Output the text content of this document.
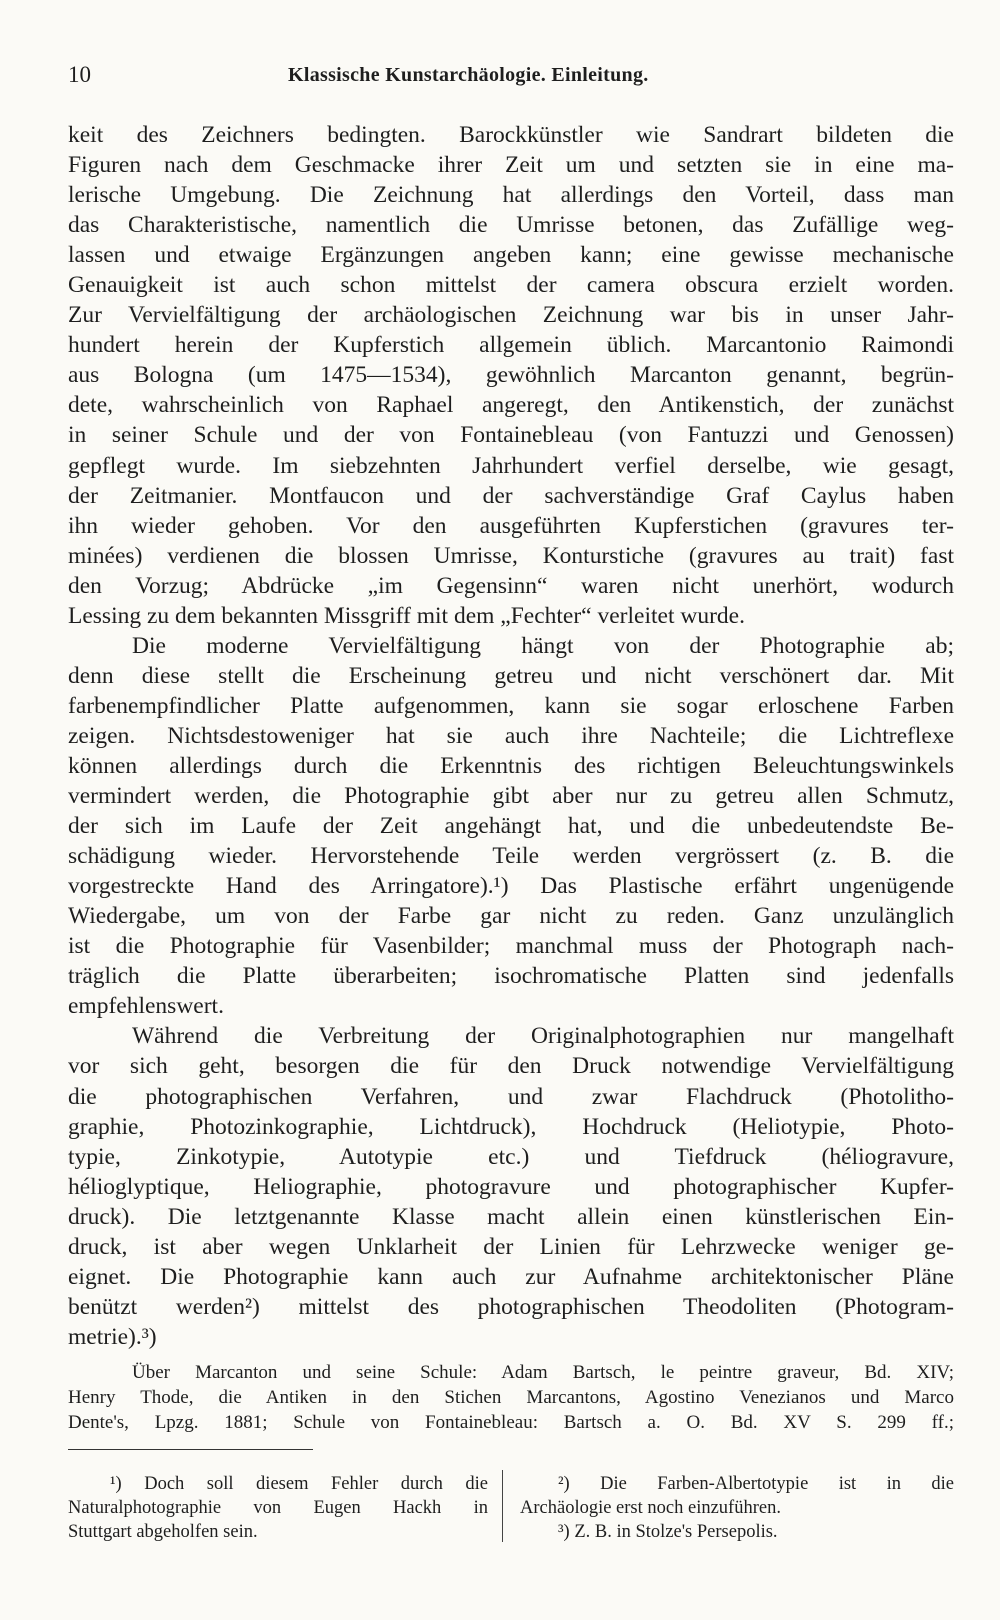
10	Klassische Kunstarchäologie. Einleitung.
keit des Zeichners bedingten. Barockkünstler wie Sandrart bildeten die
Figuren nach dem Geschmacke ihrer Zeit um und setzten sie in eine ma-
lerische Umgebung. Die Zeichnung hat allerdings den Vorteil, dass man
das Charakteristische, namentlich die Umrisse betonen, das Zufällige weg-
lassen und etwaige Ergänzungen angeben kann; eine gewisse mechanische
Genauigkeit ist auch schon mittelst der camera obscura erzielt worden.
Zur Vervielfältigung der archäologischen Zeichnung war bis in unser Jahr-
hundert herein der Kupferstich allgemein üblich. Marcantonio Raimondi
aus Bologna (um 1475—1534), gewöhnlich Marcanton genannt, begrün-
dete, wahrscheinlich von Raphael angeregt, den Antikenstich, der zunächst
in seiner Schule und der von Fontainebleau (von Fantuzzi und Genossen)
gepflegt wurde. Im siebzehnten Jahrhundert verfiel derselbe, wie gesagt,
der Zeitmanier. Montfaucon und der sachverständige Graf Caylus haben
ihn wieder gehoben. Vor den ausgeführten Kupferstichen (gravures ter-
minées) verdienen die blossen Umrisse, Konturstiche (gravures au trait) fast
den Vorzug; Abdrücke „im Gegensinn“ waren nicht unerhört, wodurch
Lessing zu dem bekannten Missgriff mit dem „Fechter“ verleitet wurde.
Die moderne Vervielfältigung hängt von der Photographie ab;
denn diese stellt die Erscheinung getreu und nicht verschönert dar. Mit
farbenempfindlicher Platte aufgenommen, kann sie sogar erloschene Farben
zeigen. Nichtsdestoweniger hat sie auch ihre Nachteile; die Lichtreflexe
können allerdings durch die Erkenntnis des richtigen Beleuchtungswinkels
vermindert werden, die Photographie gibt aber nur zu getreu allen Schmutz,
der sich im Laufe der Zeit angehängt hat, und die unbedeutendste Be-
schädigung wieder. Hervorstehende Teile werden vergrössert (z. B. die
vorgestreckte Hand des Arringatore).¹) Das Plastische erfährt ungenügende
Wiedergabe, um von der Farbe gar nicht zu reden. Ganz unzulänglich
ist die Photographie für Vasenbilder; manchmal muss der Photograph nach-
träglich die Platte überarbeiten; isochromatische Platten sind jedenfalls
empfehlenswert.
Während die Verbreitung der Originalphotographien nur mangelhaft
vor sich geht, besorgen die für den Druck notwendige Vervielfältigung
die photographischen Verfahren, und zwar Flachdruck (Photolitho-
graphie, Photozinkographie, Lichtdruck), Hochdruck (Heliotypie, Photo-
typie, Zinkotypie, Autotypie etc.) und Tiefdruck (héliogravure,
hélioglyptique, Heliographie, photogravure und photographischer Kupfer-
druck). Die letztgenannte Klasse macht allein einen künstlerischen Ein-
druck, ist aber wegen Unklarheit der Linien für Lehrzwecke weniger ge-
eignet. Die Photographie kann auch zur Aufnahme architektonischer Pläne
benützt werden²) mittelst des photographischen Theodoliten (Photogram-
metrie).³)
Über Marcanton und seine Schule: Adam Bartsch, le peintre graveur, Bd. XIV;
Henry Thode, die Antiken in den Stichen Marcantons, Agostino Venezianos und Marco
Dente's, Lpzg. 1881; Schule von Fontainebleau: Bartsch a. O. Bd. XV S. 299 ff.;
¹) Doch soll diesem Fehler durch die
Naturalphotographie von Eugen Hackh in
Stuttgart abgeholfen sein.
²) Die Farben-Albertotypie ist in die
Archäologie erst noch einzuführen.
³) Z. B. in Stolze's Persepolis.
